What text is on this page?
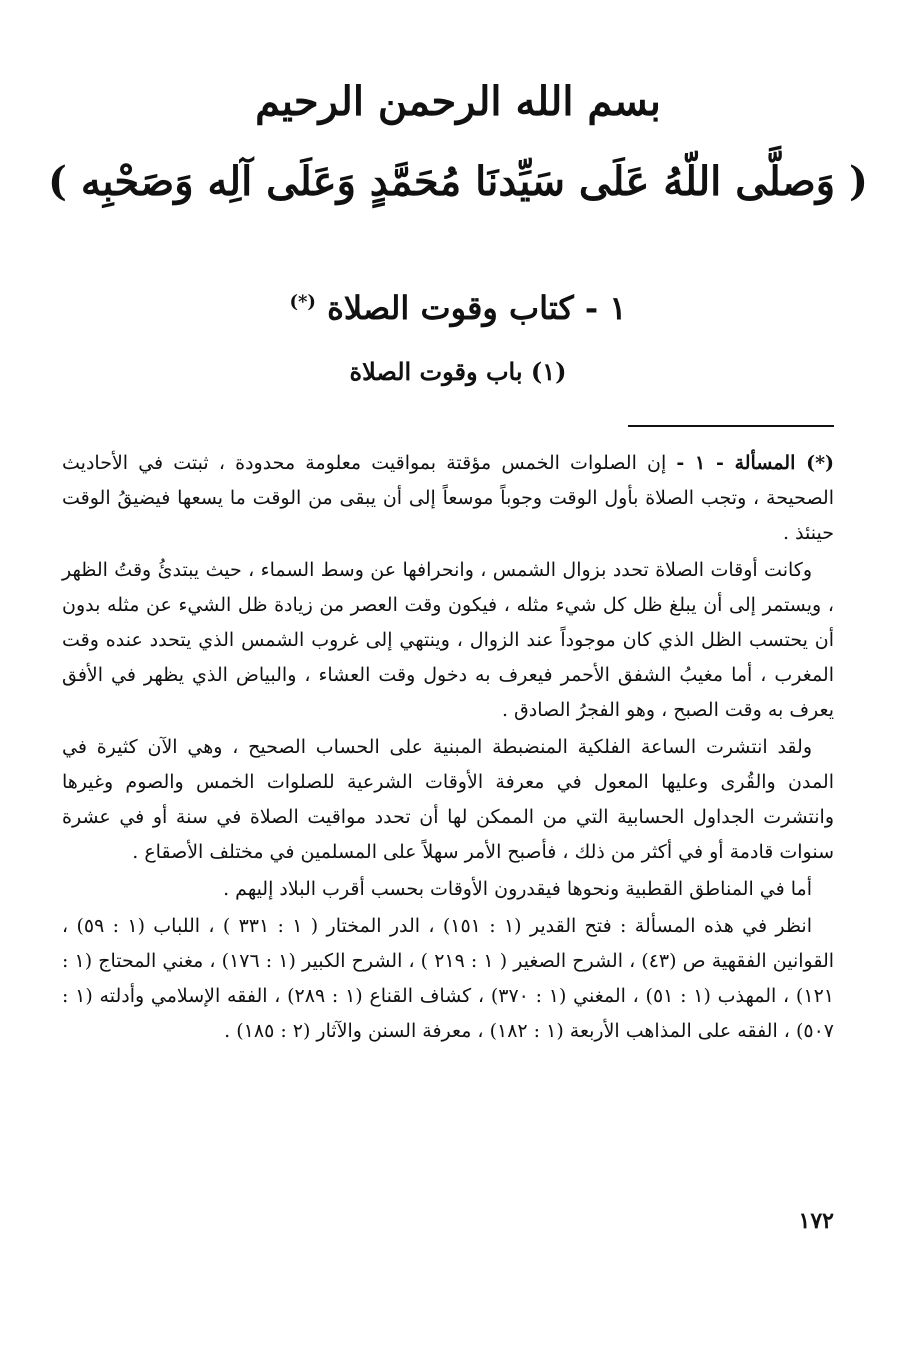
بسم الله الرحمن الرحيم
( وَصلَّى اللّهُ عَلَى سَيِّدنَا مُحَمَّدٍ وَعَلَى آلِه وَصَحْبِه )
١ - كتاب وقوت الصلاة (*)
(١) باب وقوت الصلاة

(*) المسألة - ١ - إن الصلوات الخمس مؤقتة بمواقيت معلومة محدودة ، ثبتت في الأحاديث الصحيحة ، وتجب الصلاة بأول الوقت وجوباً موسعاً إلى أن يبقى من الوقت ما يسعها فيضيقُ الوقت حينئذ .

وكانت أوقات الصلاة تحدد بزوال الشمس ، وانحرافها عن وسط السماء ، حيث يبتدئُ وقتُ الظهر ، ويستمر إلى أن يبلغ ظل كل شيء مثله ، فيكون وقت العصر من زيادة ظل الشيء عن مثله بدون أن يحتسب الظل الذي كان موجوداً عند الزوال ، وينتهي إلى غروب الشمس الذي يتحدد عنده وقت المغرب ، أما مغيبُ الشفق الأحمر فيعرف به دخول وقت العشاء ، والبياض الذي يظهر في الأفق يعرف به وقت الصبح ، وهو الفجرُ الصادق .

ولقد انتشرت الساعة الفلكية المنضبطة المبنية على الحساب الصحيح ، وهي الآن كثيرة في المدن والقُرى وعليها المعول في معرفة الأوقات الشرعية للصلوات الخمس والصوم وغيرها وانتشرت الجداول الحسابية التي من الممكن لها أن تحدد مواقيت الصلاة في سنة أو في عشرة سنوات قادمة أو في أكثر من ذلك ، فأصبح الأمر سهلاً على المسلمين في مختلف الأصقاع .

أما في المناطق القطبية ونحوها فيقدرون الأوقات بحسب أقرب البلاد إليهم .

انظر في هذه المسألة : فتح القدير (١ : ١٥١) ، الدر المختار ( ١ : ٣٣١ ) ، اللباب (١ : ٥٩) ، القوانين الفقهية ص (٤٣) ، الشرح الصغير ( ١ : ٢١٩ ) ، الشرح الكبير (١ : ١٧٦) ، مغني المحتاج (١ : ١٢١) ، المهذب (١ : ٥١) ، المغني (١ : ٣٧٠) ، كشاف القناع (١ : ٢٨٩) ، الفقه الإسلامي وأدلته (١ : ٥٠٧) ، الفقه على المذاهب الأربعة (١ : ١٨٢) ، معرفة السنن والآثار (٢ : ١٨٥) .

١٧٢
